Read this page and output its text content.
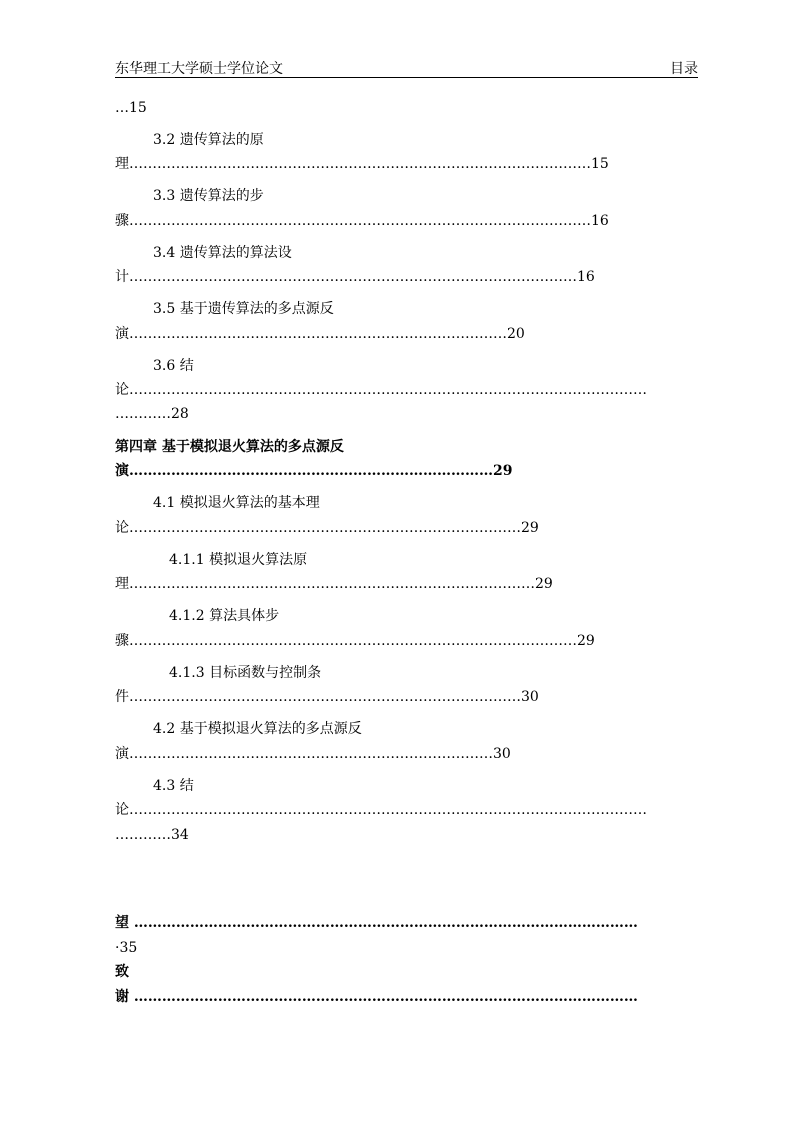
东华理工大学硕士学位论文	目录
…15
3.2 遗传算法的原
理………………………………………………………………………………………15
3.3 遗传算法的步
骤………………………………………………………………………………………16
3.4 遗传算法的算法设
计……………………………………………………………………………………16
3.5 基于遗传算法的多点源反
演………………………………………………………………………20
3.6 结
论…………………………………………………………………………………………………
…………28
第四章 基于模拟退火算法的多点源反
演……………………………………………………………………29
4.1 模拟退火算法的基本理
论…………………………………………………………………………29
4.1.1 模拟退火算法原
理……………………………………………………………………………29
4.1.2 算法具体步
骤……………………………………………………………………………………29
4.1.3 目标函数与控制条
件…………………………………………………………………………30
4.2 基于模拟退火算法的多点源反
演……………………………………………………………………30
4.3 结
论…………………………………………………………………………………………………
…………34
望 ………………………………………………………………………………………………
·35
致
谢 ………………………………………………………………………………………………
